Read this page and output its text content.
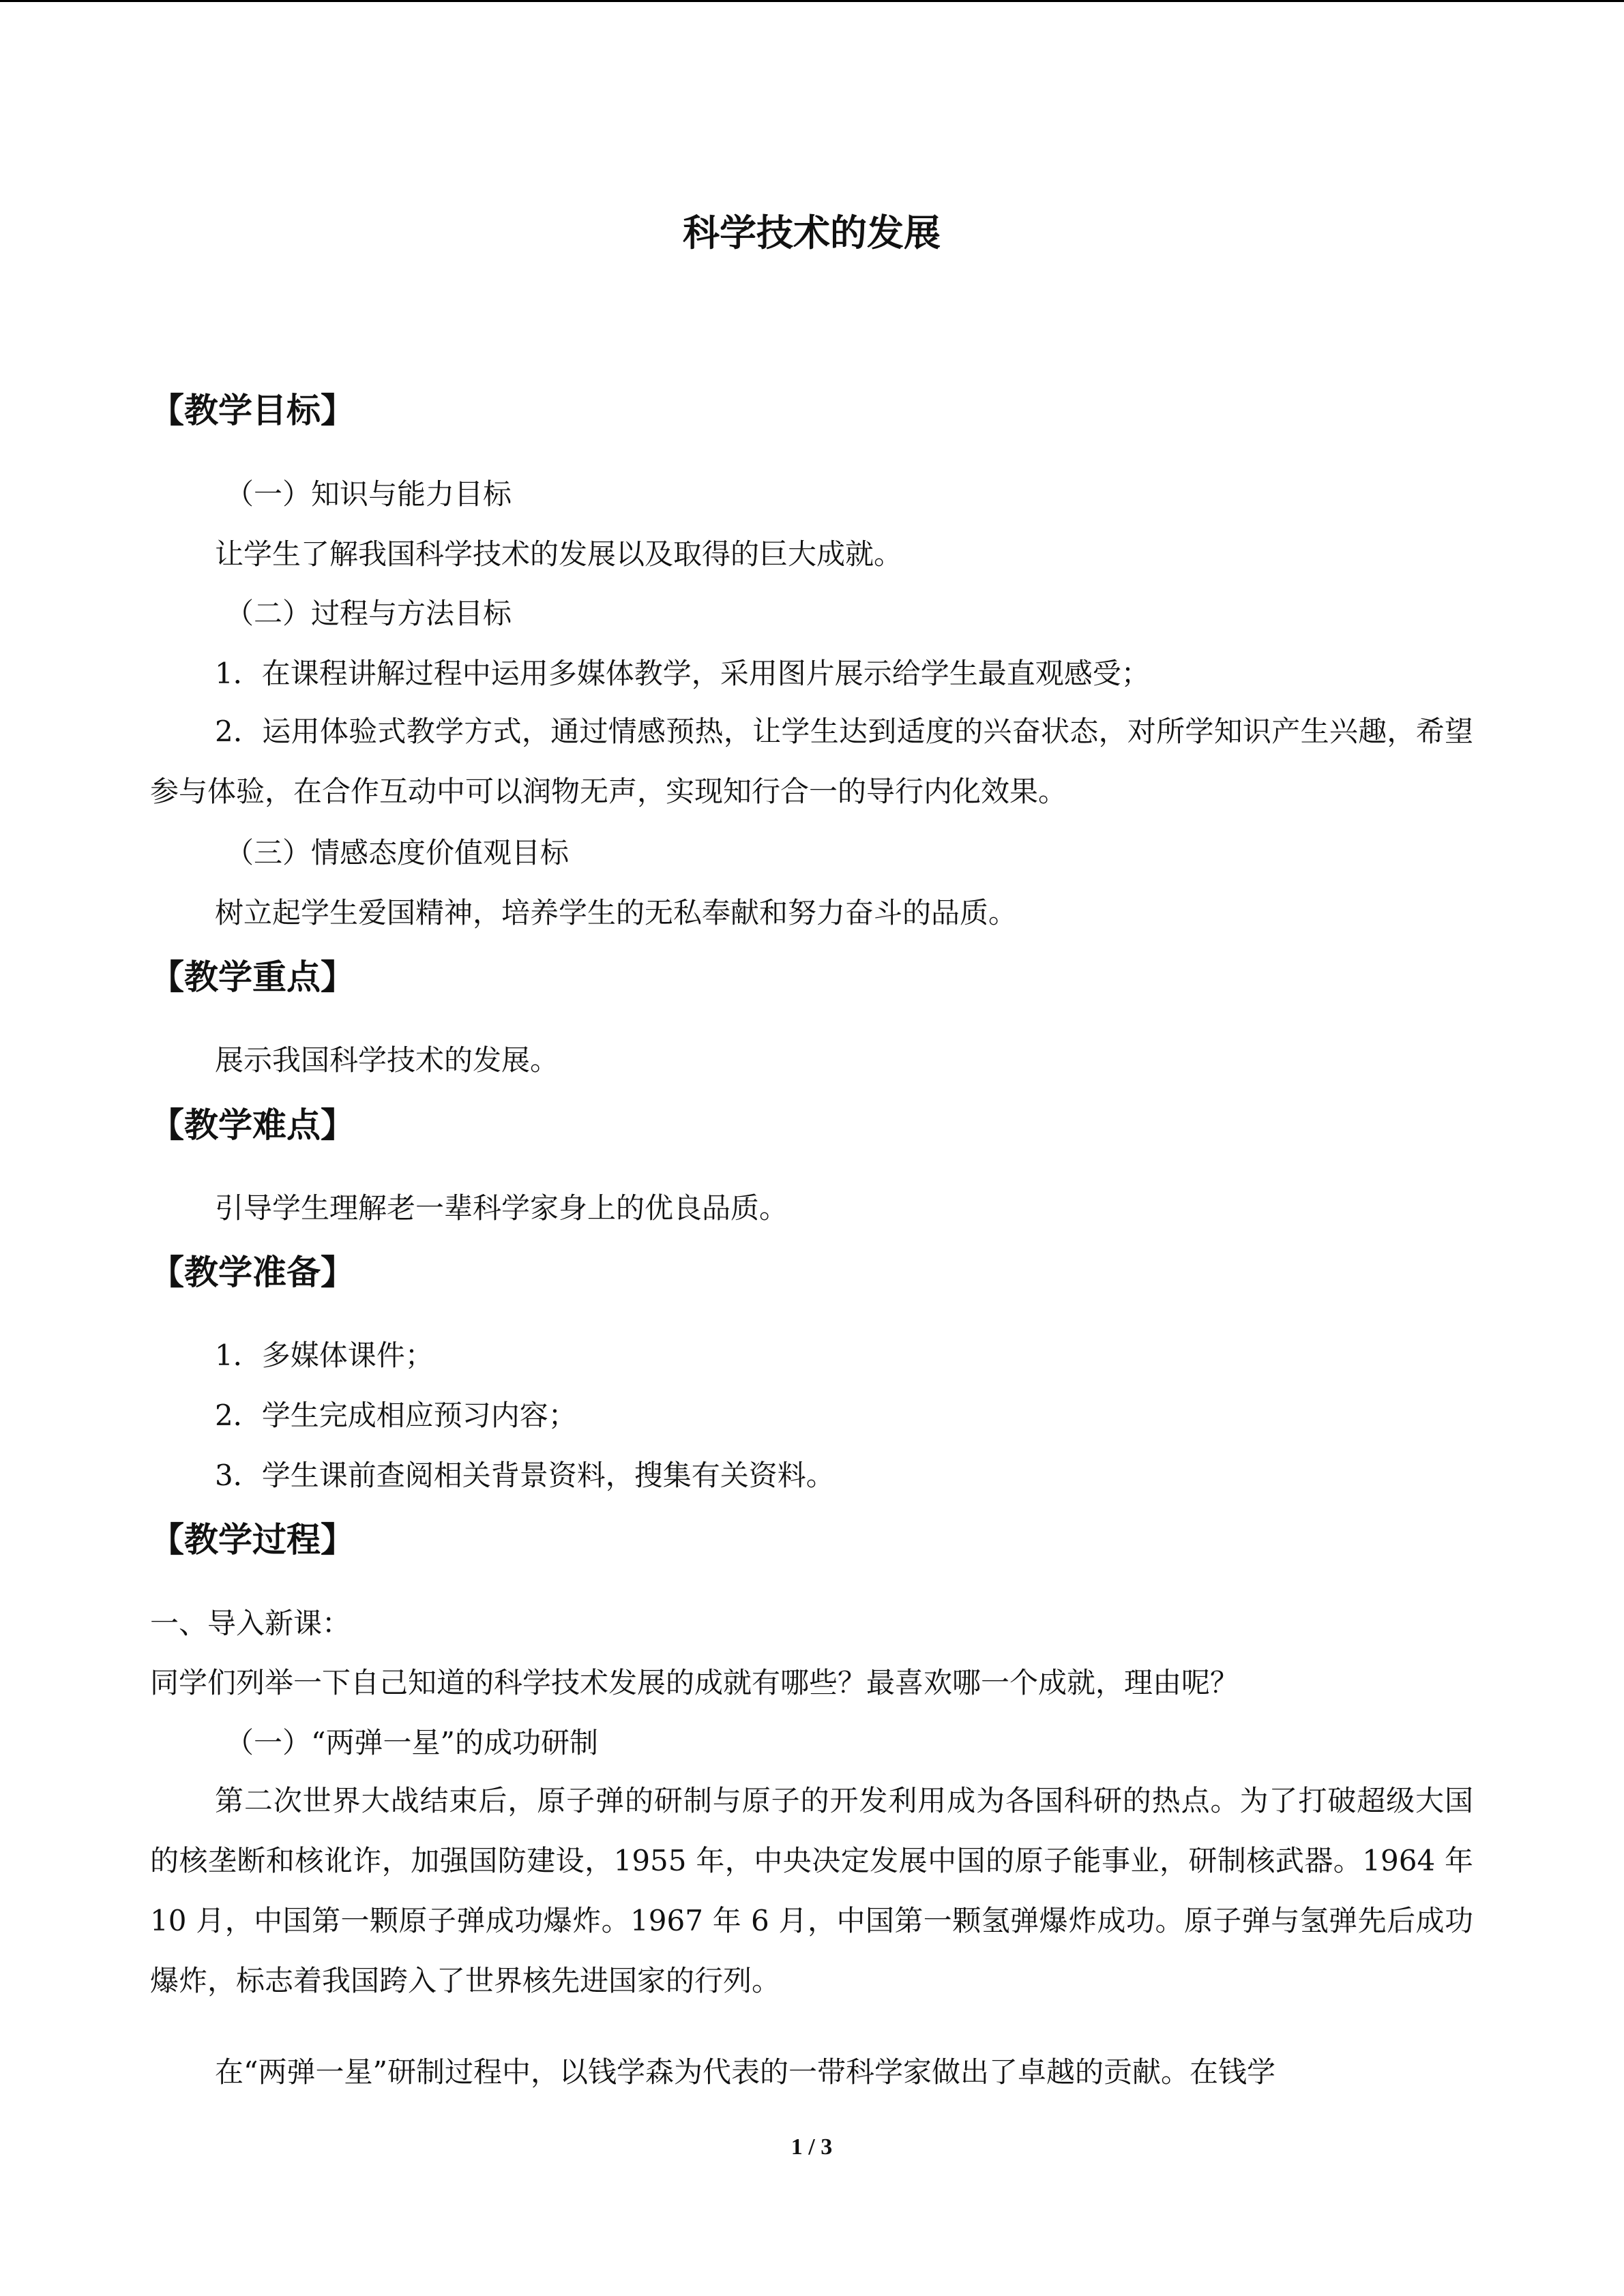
科学技术的发展
【教学目标】
（一）知识与能力目标
让学生了解我国科学技术的发展以及取得的巨大成就。
（二）过程与方法目标
1．在课程讲解过程中运用多媒体教学，采用图片展示给学生最直观感受；
2．运用体验式教学方式，通过情感预热，让学生达到适度的兴奋状态，对所学知识产生兴趣，希望参与体验，在合作互动中可以润物无声，实现知行合一的导行内化效果。
（三）情感态度价值观目标
树立起学生爱国精神，培养学生的无私奉献和努力奋斗的品质。
【教学重点】
展示我国科学技术的发展。
【教学难点】
引导学生理解老一辈科学家身上的优良品质。
【教学准备】
1．多媒体课件；
2．学生完成相应预习内容；
3．学生课前查阅相关背景资料，搜集有关资料。
【教学过程】
一、导入新课：
同学们列举一下自己知道的科学技术发展的成就有哪些？最喜欢哪一个成就，理由呢？
（一）“两弹一星”的成功研制
第二次世界大战结束后，原子弹的研制与原子的开发利用成为各国科研的热点。为了打破超级大国的核垄断和核讹诈，加强国防建设，1955 年，中央决定发展中国的原子能事业，研制核武器。1964 年 10 月，中国第一颗原子弹成功爆炸。1967 年 6 月，中国第一颗氢弹爆炸成功。原子弹与氢弹先后成功爆炸，标志着我国跨入了世界核先进国家的行列。
在“两弹一星”研制过程中，以钱学森为代表的一带科学家做出了卓越的贡献。在钱学
1 / 3
